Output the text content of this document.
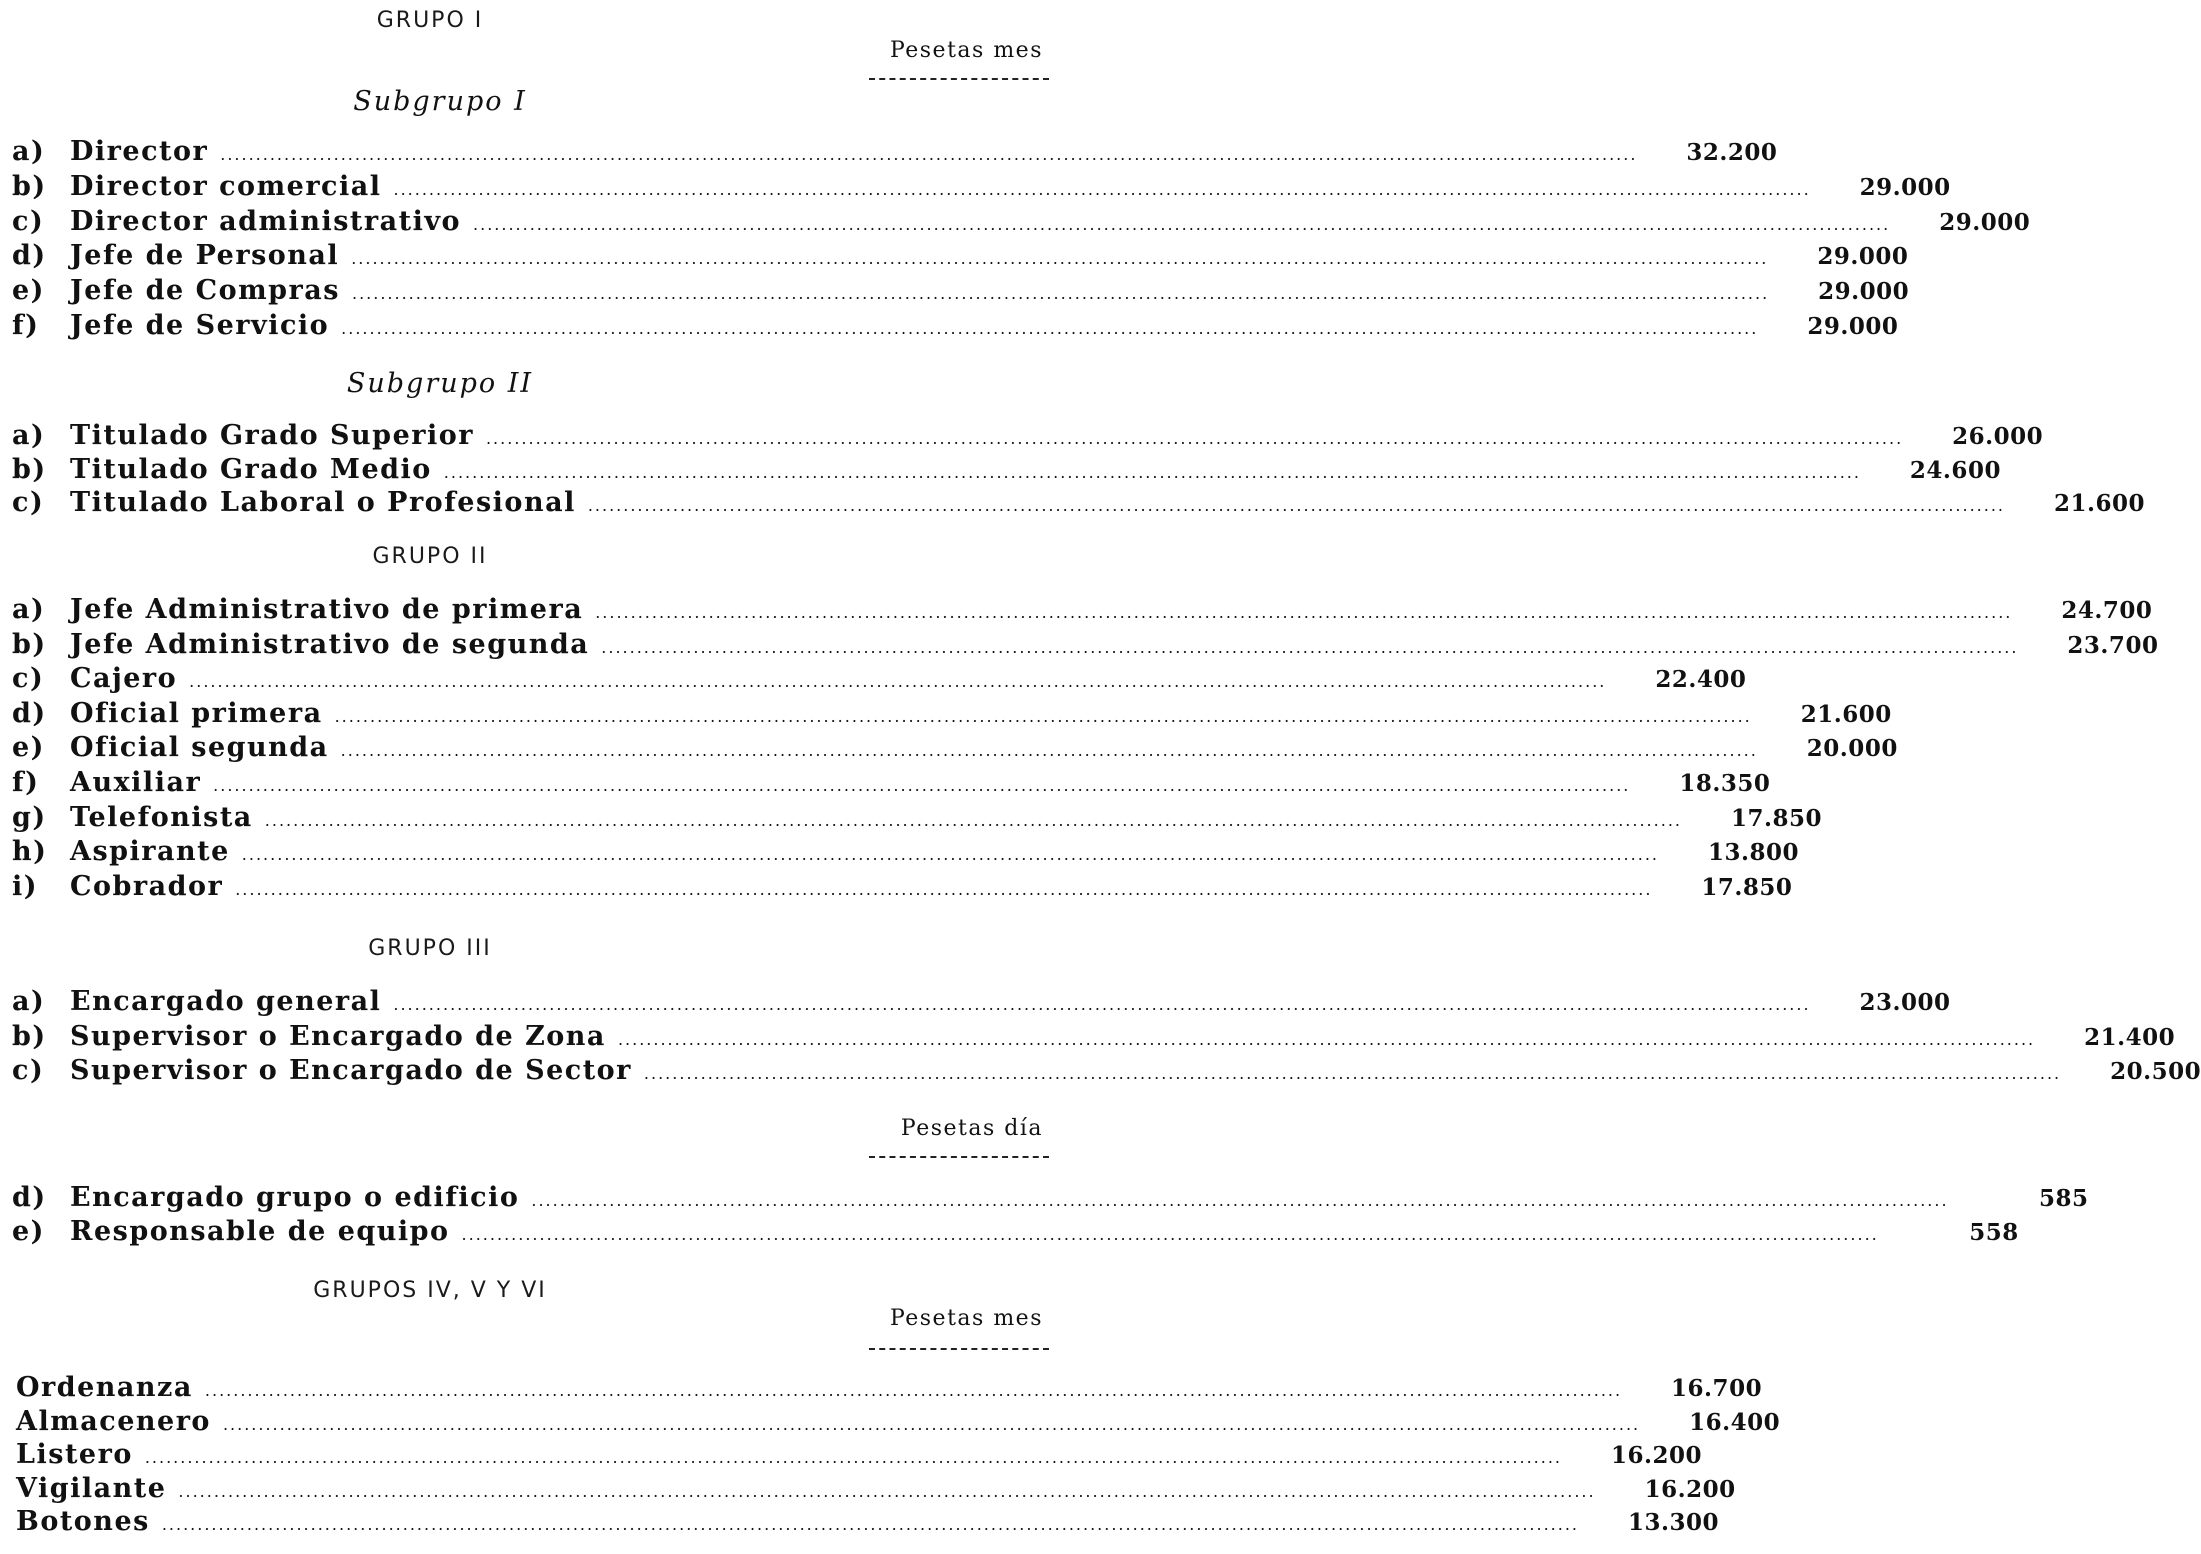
GRUPO I
Pesetas mes
Subgrupo I
a) Director ........................................................................................................................................................................................................ 32.200
b) Director comercial ........................................................................................................................................................................................................ 29.000
c) Director administrativo ........................................................................................................................................................................................................ 29.000
d) Jefe de Personal ........................................................................................................................................................................................................ 29.000
e) Jefe de Compras ........................................................................................................................................................................................................ 29.000
f)	Jefe de Servicio ........................................................................................................................................................................................................ 29.000
Subgrupo II
a) Titulado Grado Superior ........................................................................................................................................................................................................ 26.000
b) Titulado Grado Medio ........................................................................................................................................................................................................ 24.600
c) Titulado Laboral o Profesional ........................................................................................................................................................................................................ 21.600
GRUPO II
a) Jefe Administrativo de primera ........................................................................................................................................................................................................ 24.700
b) Jefe Administrativo de segunda ........................................................................................................................................................................................................ 23.700
c) Cajero ........................................................................................................................................................................................................ 22.400
d) Oficial primera ........................................................................................................................................................................................................ 21.600
e) Oficial segunda ........................................................................................................................................................................................................ 20.000
f)	Auxiliar ........................................................................................................................................................................................................ 18.350
g) Telefonista ........................................................................................................................................................................................................ 17.850
h) Aspirante ........................................................................................................................................................................................................ 13.800
i)	Cobrador ........................................................................................................................................................................................................ 17.850
GRUPO III
a) Encargado general ........................................................................................................................................................................................................ 23.000
b) Supervisor o Encargado de Zona ........................................................................................................................................................................................................ 21.400
c) Supervisor o Encargado de Sector ........................................................................................................................................................................................................ 20.500
Pesetas día
d) Encargado grupo o edificio ........................................................................................................................................................................................................	585
e) Responsable de equipo ........................................................................................................................................................................................................	558
GRUPOS IV, V Y VI
Pesetas mes
Ordenanza ........................................................................................................................................................................................................ 16.700
Almacenero ........................................................................................................................................................................................................ 16.400
Listero ........................................................................................................................................................................................................ 16.200
Vigilante ........................................................................................................................................................................................................ 16.200
Botones ........................................................................................................................................................................................................ 13.300
